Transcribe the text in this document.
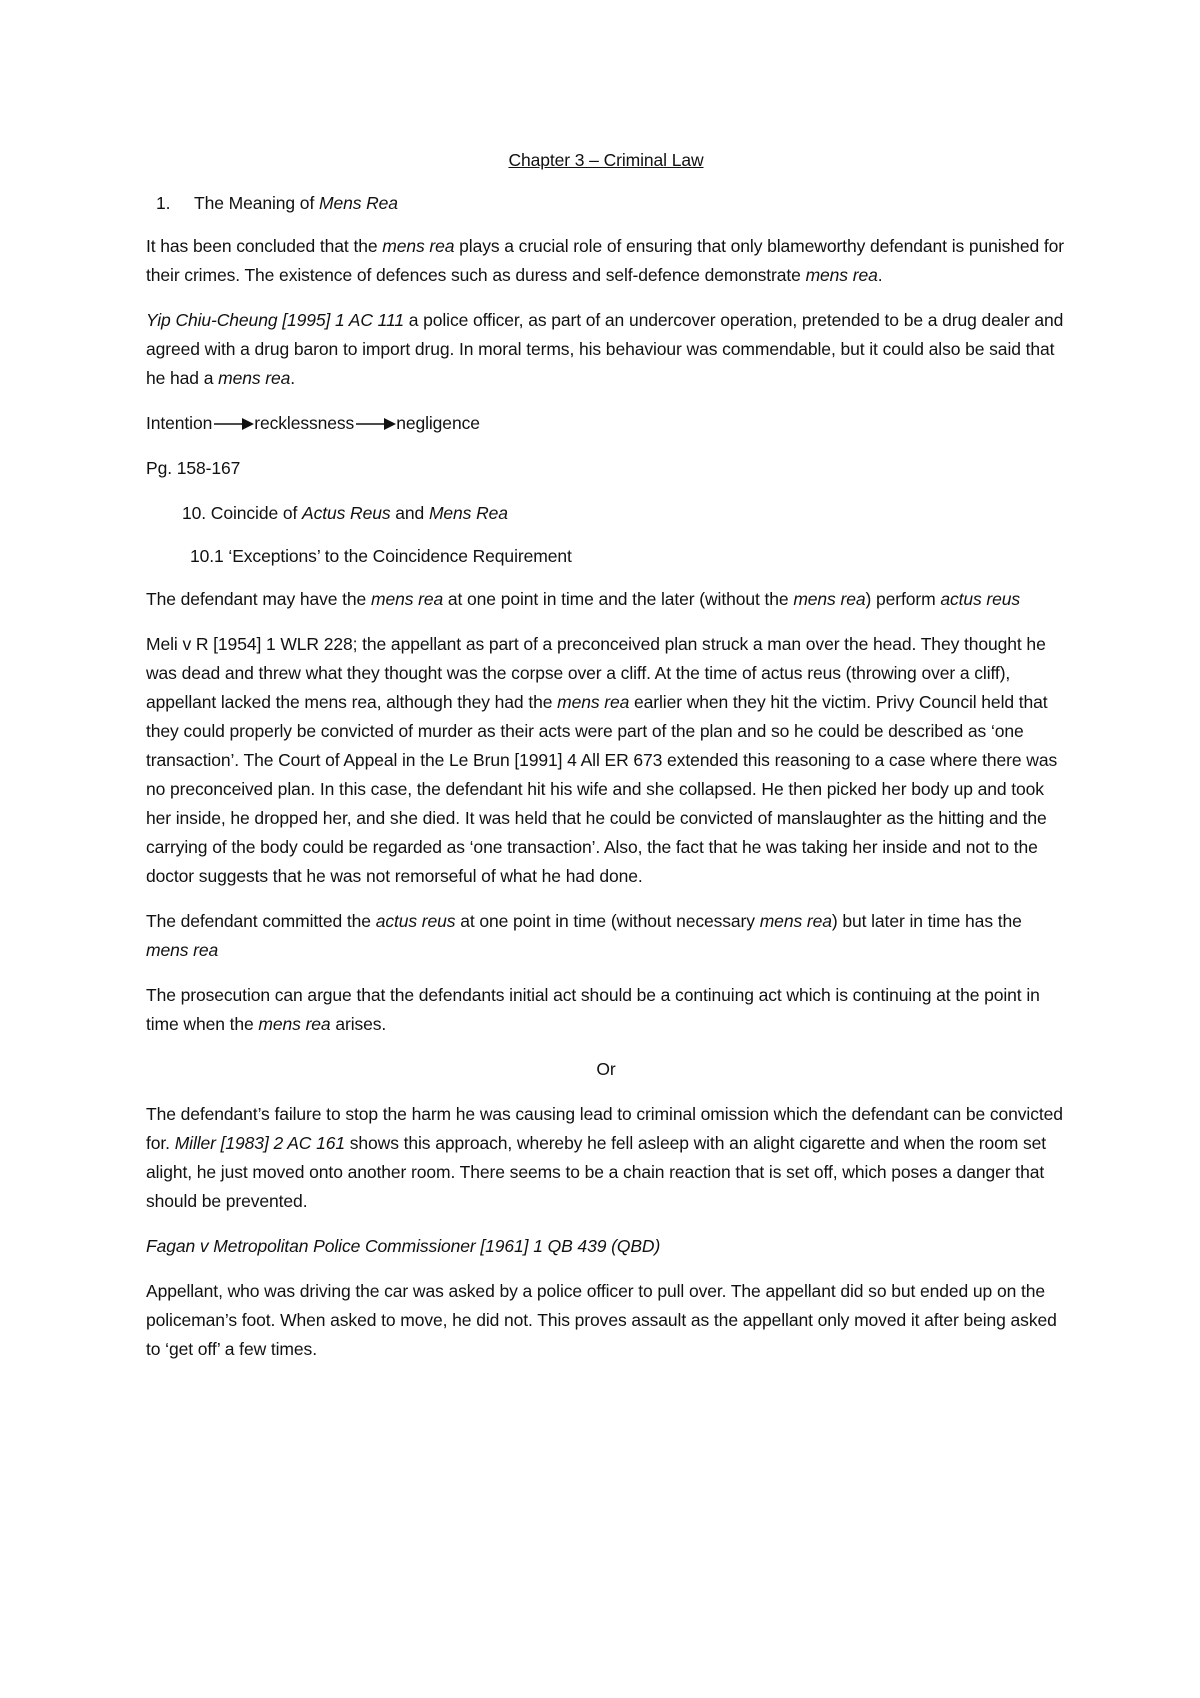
Chapter 3 – Criminal Law

1. The Meaning of Mens Rea

It has been concluded that the mens rea plays a crucial role of ensuring that only blameworthy defendant is punished for their crimes. The existence of defences such as duress and self-defence demonstrate mens rea.

Yip Chiu-Cheung [1995] 1 AC 111 a police officer, as part of an undercover operation, pretended to be a drug dealer and agreed with a drug baron to import drug. In moral terms, his behaviour was commendable, but it could also be said that he had a mens rea.

Intention recklessness negligence

Pg. 158-167

10. Coincide of Actus Reus and Mens Rea

10.1 ‘Exceptions’ to the Coincidence Requirement

The defendant may have the mens rea at one point in time and the later (without the mens rea) perform actus reus

Meli v R [1954] 1 WLR 228; the appellant as part of a preconceived plan struck a man over the head. They thought he was dead and threw what they thought was the corpse over a cliff. At the time of actus reus (throwing over a cliff), appellant lacked the mens rea, although they had the mens rea earlier when they hit the victim. Privy Council held that they could properly be convicted of murder as their acts were part of the plan and so he could be described as ‘one transaction’. The Court of Appeal in the Le Brun [1991] 4 All ER 673 extended this reasoning to a case where there was no preconceived plan. In this case, the defendant hit his wife and she collapsed. He then picked her body up and took her inside, he dropped her, and she died. It was held that he could be convicted of manslaughter as the hitting and the carrying of the body could be regarded as ‘one transaction’. Also, the fact that he was taking her inside and not to the doctor suggests that he was not remorseful of what he had done.

The defendant committed the actus reus at one point in time (without necessary mens rea) but later in time has the mens rea

The prosecution can argue that the defendants initial act should be a continuing act which is continuing at the point in time when the mens rea arises.

Or

The defendant’s failure to stop the harm he was causing lead to criminal omission which the defendant can be convicted for. Miller [1983] 2 AC 161 shows this approach, whereby he fell asleep with an alight cigarette and when the room set alight, he just moved onto another room. There seems to be a chain reaction that is set off, which poses a danger that should be prevented.

Fagan v Metropolitan Police Commissioner [1961] 1 QB 439 (QBD)

Appellant, who was driving the car was asked by a police officer to pull over. The appellant did so but ended up on the policeman’s foot. When asked to move, he did not. This proves assault as the appellant only moved it after being asked to ‘get off’ a few times.
